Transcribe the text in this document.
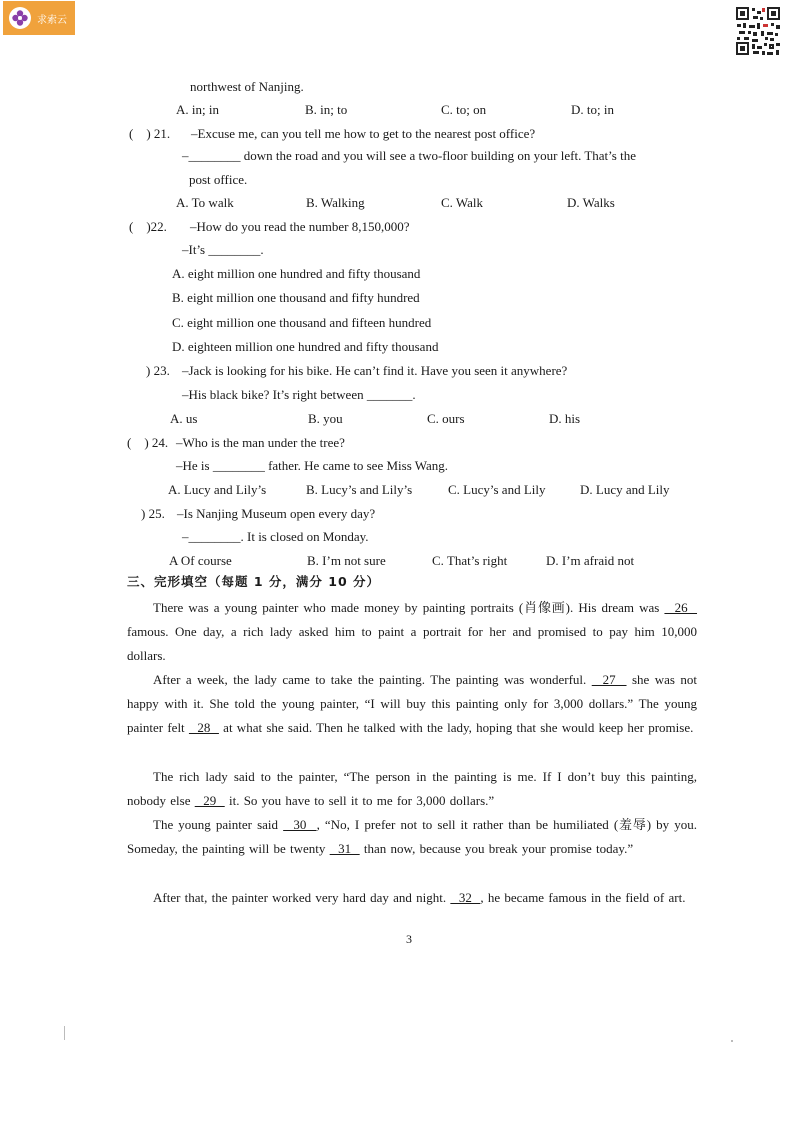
求索云
northwest of Nanjing.
A. in; in	B. in; to	C. to; on	D. to; in
(    ) 21. –Excuse me, can you tell me how to get to the nearest post office?
–________ down the road and you will see a two-floor building on your left. That’s the
post office.
A. To walk	B. Walking	C. Walk	D. Walks
(    )22. –How do you read the number 8,150,000?
–It’s ________.
A. eight million one hundred and fifty thousand
B. eight million one thousand and fifty hundred
C. eight million one thousand and fifteen hundred
D. eighteen million one hundred and fifty thousand
) 23. –Jack is looking for his bike. He can’t find it. Have you seen it anywhere?
–His black bike? It’s right between _______.
A. us	B. you	C. ours	D. his
(    ) 24. –Who is the man under the tree?
–He is ________ father. He came to see Miss Wang.
A. Lucy and Lily’s	B. Lucy’s and Lily’s	C. Lucy’s and Lily	D. Lucy and Lily
) 25. –Is Nanjing Museum open every day?
–________. It is closed on Monday.
A Of course	B. I’m not sure	C. That’s right	D. I’m afraid not
三、完形填空（每题 1 分，满分 10 分）
There was a young painter who made money by painting portraits (肖像画). His dream was   26   famous. One day, a rich lady asked him to paint a portrait for her and promised to pay him 10,000 dollars.
After a week, the lady came to take the painting. The painting was wonderful.   27   she was not happy with it. She told the young painter, “I will buy this painting only for 3,000 dollars.” The young painter felt   28   at what she said. Then he talked with the lady, hoping that she would keep her promise.
The rich lady said to the painter, “The person in the painting is me. If I don’t buy this painting, nobody else   29   it. So you have to sell it to me for 3,000 dollars.”
The young painter said   30  , “No, I prefer not to sell it rather than be humiliated (羞辱) by you. Someday, the painting will be twenty   31   than now, because you break your promise today.”
After that, the painter worked very hard day and night.   32  , he became famous in the field of art.
3
